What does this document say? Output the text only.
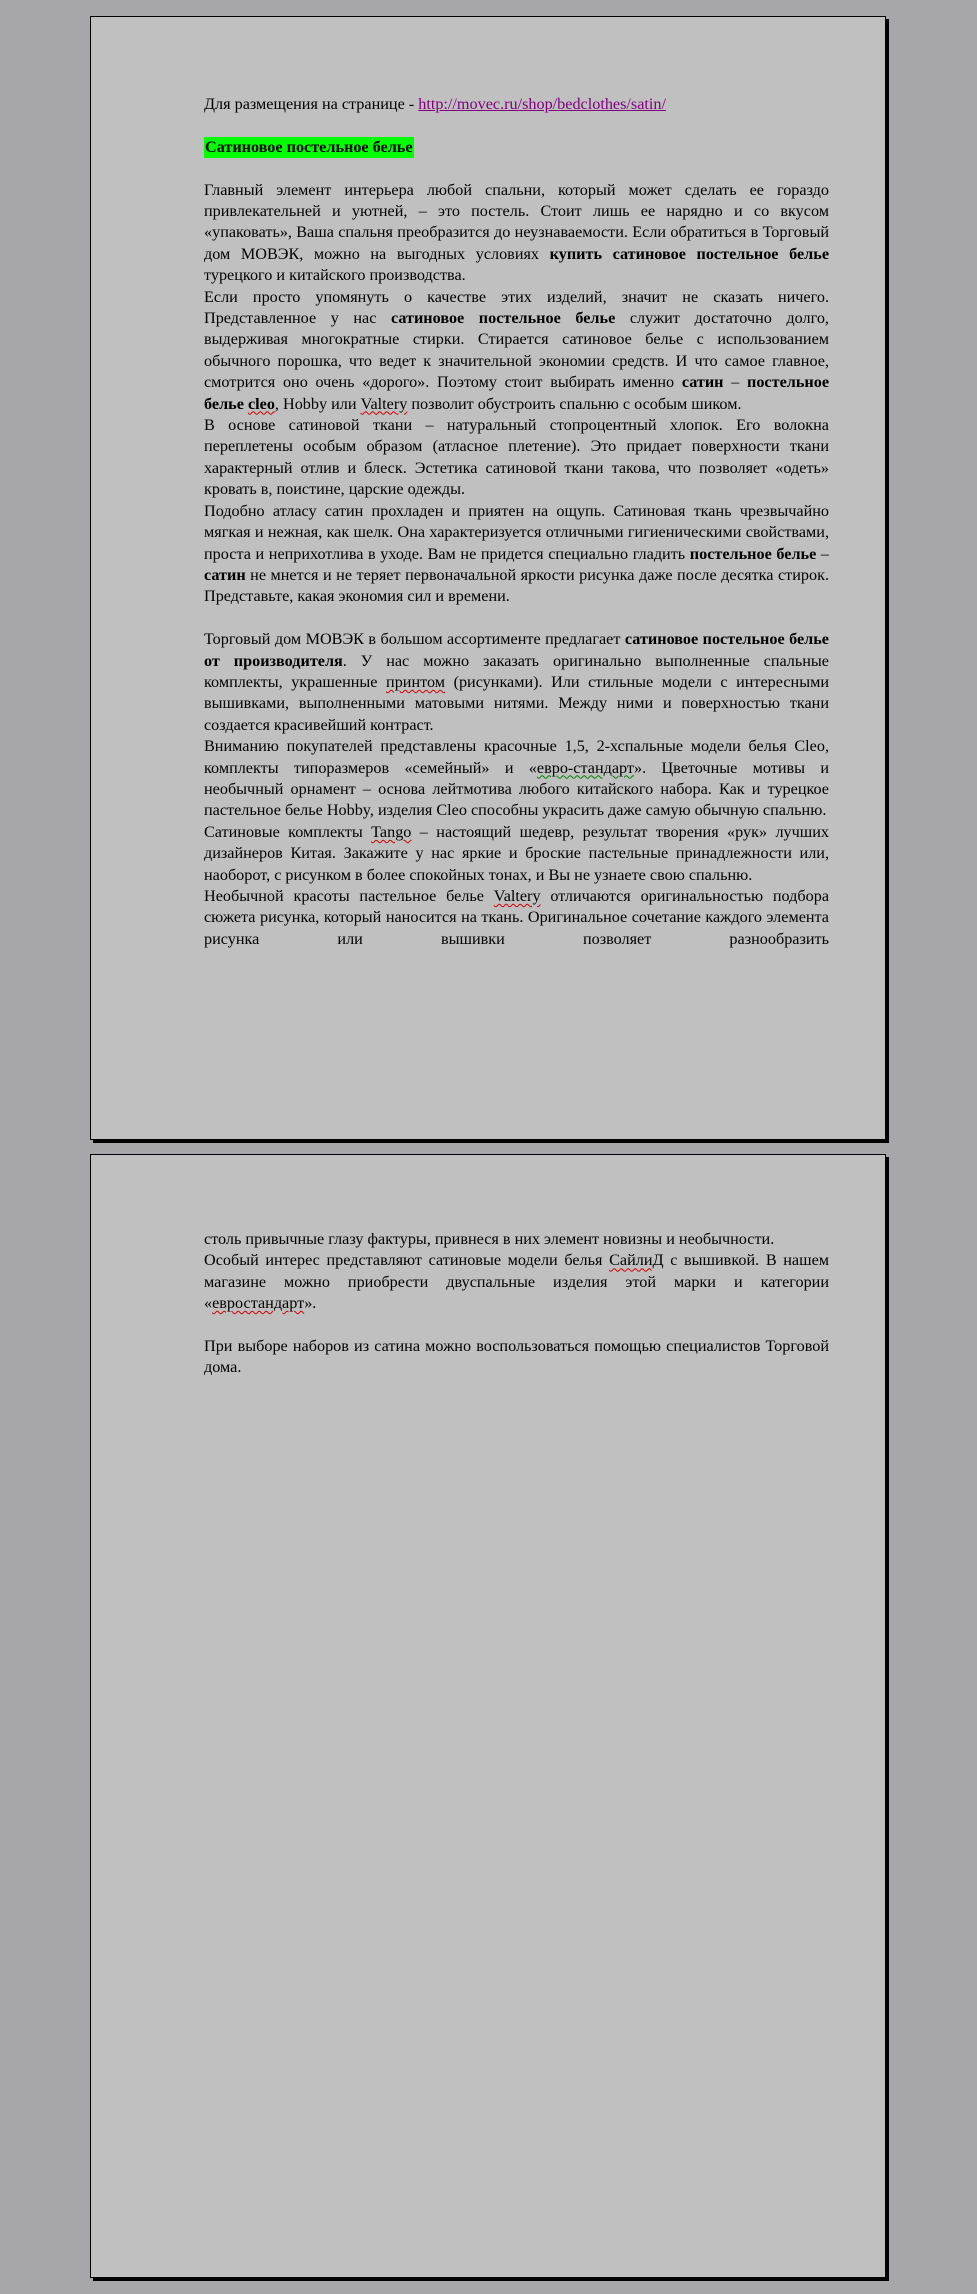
Для размещения на странице - http://movec.ru/shop/bedclothes/satin/

Сатиновое постельное белье

Главный элемент интерьера любой спальни, который может сделать ее гораздо привлекательней и уютней, – это постель. Стоит лишь ее нарядно и со вкусом «упаковать», Ваша спальня преобразится до неузнаваемости. Если обратиться в Торговый дом МОВЭК, можно на выгодных условиях купить сатиновое постельное белье турецкого и китайского производства.

Если просто упомянуть о качестве этих изделий, значит не сказать ничего. Представленное у нас сатиновое постельное белье служит достаточно долго, выдерживая многократные стирки. Стирается сатиновое белье с использованием обычного порошка, что ведет к значительной экономии средств. И что самое главное, смотрится оно очень «дорого». Поэтому стоит выбирать именно сатин – постельное белье cleo, Hobby или Valtery позволит обустроить спальню с особым шиком.

В основе сатиновой ткани – натуральный стопроцентный хлопок. Его волокна переплетены особым образом (атласное плетение). Это придает поверхности ткани характерный отлив и блеск. Эстетика сатиновой ткани такова, что позволяет «одеть» кровать в, поистине, царские одежды.

Подобно атласу сатин прохладен и приятен на ощупь. Сатиновая ткань чрезвычайно мягкая и нежная, как шелк. Она характеризуется отличными гигиеническими свойствами, проста и неприхотлива в уходе. Вам не придется специально гладить постельное белье – сатин не мнется и не теряет первоначальной яркости рисунка даже после десятка стирок. Представьте, какая экономия сил и времени.

Торговый дом МОВЭК в большом ассортименте предлагает сатиновое постельное белье от производителя. У нас можно заказать оригинально выполненные спальные комплекты, украшенные принтом (рисунками). Или стильные модели с интересными вышивками, выполненными матовыми нитями. Между ними и поверхностью ткани создается красивейший контраст.

Вниманию покупателей представлены красочные 1,5, 2-хспальные модели белья Cleo, комплекты типоразмеров «семейный» и «евро-стандарт». Цветочные мотивы и необычный орнамент – основа лейтмотива любого китайского набора. Как и турецкое пастельное белье Hobby, изделия Cleo способны украсить даже самую обычную спальню.

Сатиновые комплекты Tango – настоящий шедевр, результат творения «рук» лучших дизайнеров Китая. Закажите у нас яркие и броские пастельные принадлежности или, наоборот, с рисунком в более спокойных тонах, и Вы не узнаете свою спальню.

Необычной красоты пастельное белье Valtery отличаются оригинальностью подбора сюжета рисунка, который наносится на ткань. Оригинальное сочетание каждого элемента рисунка или вышивки позволяет разнообразить

столь привычные глазу фактуры, привнеся в них элемент новизны и необычности.

Особый интерес представляют сатиновые модели белья СайлиД с вышивкой. В нашем магазине можно приобрести двуспальные изделия этой марки и категории «евростандарт».

При выборе наборов из сатина можно воспользоваться помощью специалистов Торговой дома.
